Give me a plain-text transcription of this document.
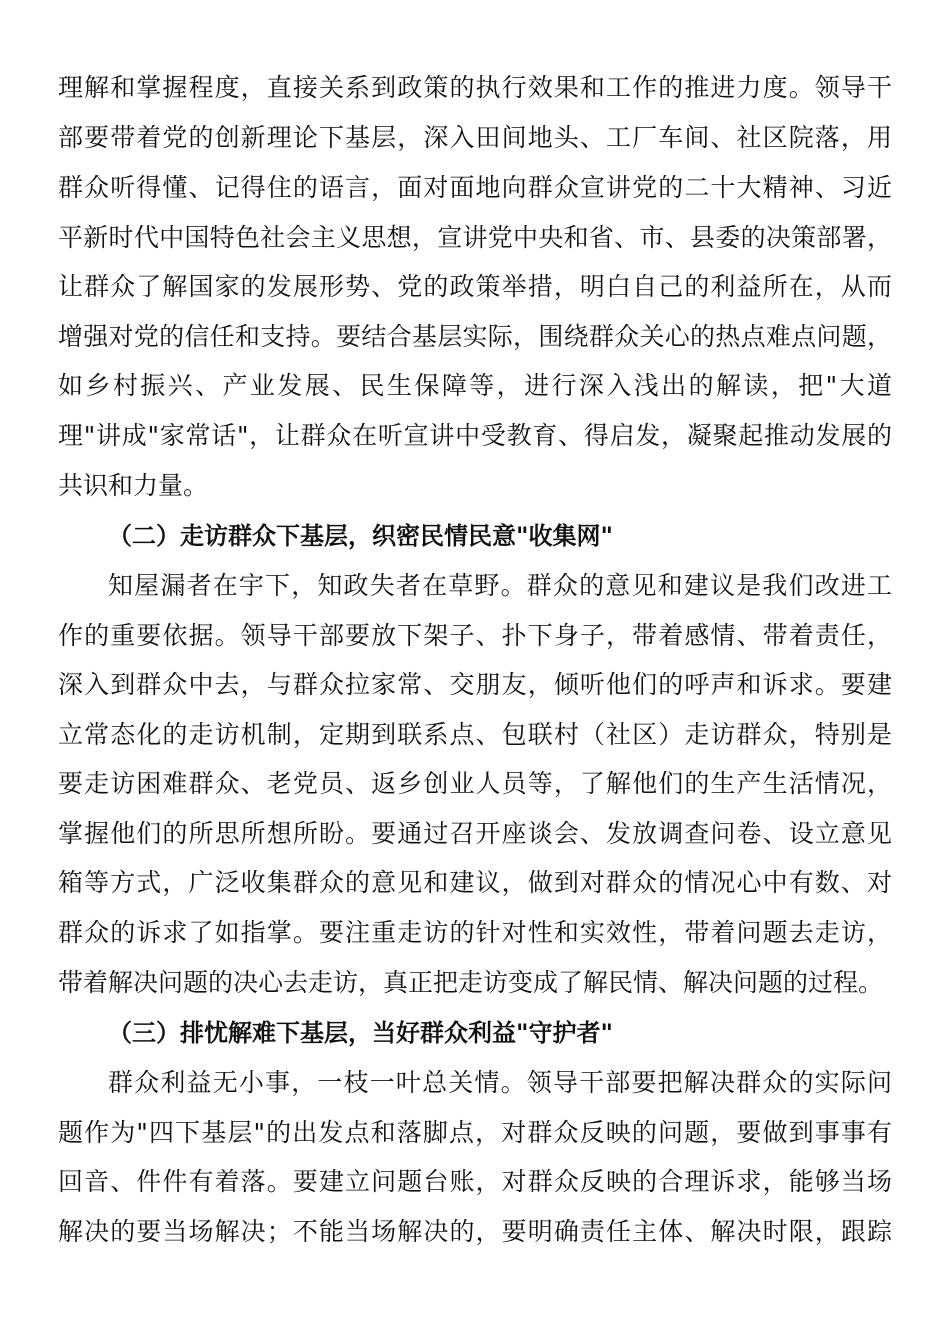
理解和掌握程度，直接关系到政策的执行效果和工作的推进力度。领导干
部要带着党的创新理论下基层，深入田间地头、工厂车间、社区院落，用
群众听得懂、记得住的语言，面对面地向群众宣讲党的二十大精神、习近
平新时代中国特色社会主义思想，宣讲党中央和省、市、县委的决策部署，
让群众了解国家的发展形势、党的政策举措，明白自己的利益所在，从而
增强对党的信任和支持。要结合基层实际，围绕群众关心的热点难点问题，
如乡村振兴、产业发展、民生保障等，进行深入浅出的解读，把"大道
理"讲成"家常话"，让群众在听宣讲中受教育、得启发，凝聚起推动发展的
共识和力量。
（二）走访群众下基层，织密民情民意"收集网"
知屋漏者在宇下，知政失者在草野。群众的意见和建议是我们改进工
作的重要依据。领导干部要放下架子、扑下身子，带着感情、带着责任，
深入到群众中去，与群众拉家常、交朋友，倾听他们的呼声和诉求。要建
立常态化的走访机制，定期到联系点、包联村（社区）走访群众，特别是
要走访困难群众、老党员、返乡创业人员等，了解他们的生产生活情况，
掌握他们的所思所想所盼。要通过召开座谈会、发放调查问卷、设立意见
箱等方式，广泛收集群众的意见和建议，做到对群众的情况心中有数、对
群众的诉求了如指掌。要注重走访的针对性和实效性，带着问题去走访，
带着解决问题的决心去走访，真正把走访变成了解民情、解决问题的过程。
（三）排忧解难下基层，当好群众利益"守护者"
群众利益无小事，一枝一叶总关情。领导干部要把解决群众的实际问
题作为"四下基层"的出发点和落脚点，对群众反映的问题，要做到事事有
回音、件件有着落。要建立问题台账，对群众反映的合理诉求，能够当场
解决的要当场解决；不能当场解决的，要明确责任主体、解决时限，跟踪
